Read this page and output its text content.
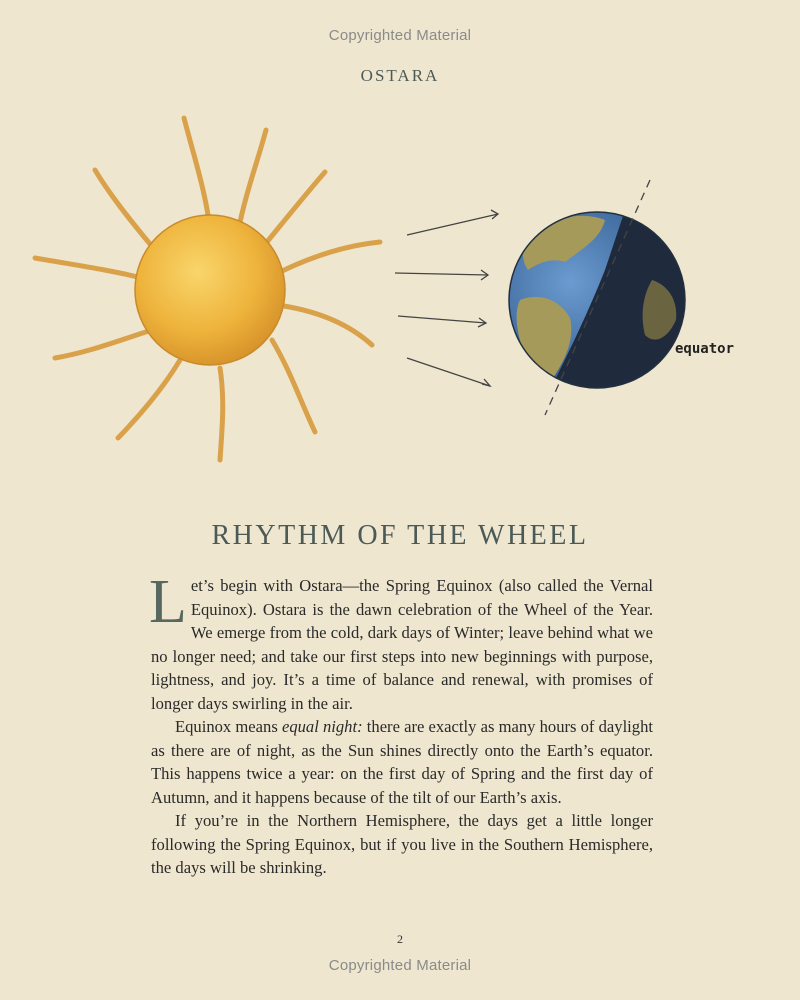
Copyrighted Material
OSTARA
equator
RHYTHM OF THE WHEEL

Let’s begin with Ostara—the Spring Equinox (also called the Vernal Equinox). Ostara is the dawn celebration of the Wheel of the Year. We emerge from the cold, dark days of Winter; leave behind what we no longer need; and take our first steps into new beginnings with purpose, lightness, and joy. It’s a time of balance and renewal, with promises of longer days swirling in the air.

Equinox means equal night: there are exactly as many hours of daylight as there are of night, as the Sun shines directly onto the Earth’s equator. This happens twice a year: on the first day of Spring and the first day of Autumn, and it happens because of the tilt of our Earth’s axis.

If you’re in the Northern Hemisphere, the days get a little longer following the Spring Equinox, but if you live in the Southern Hemisphere, the days will be shrinking.

2
Copyrighted Material
